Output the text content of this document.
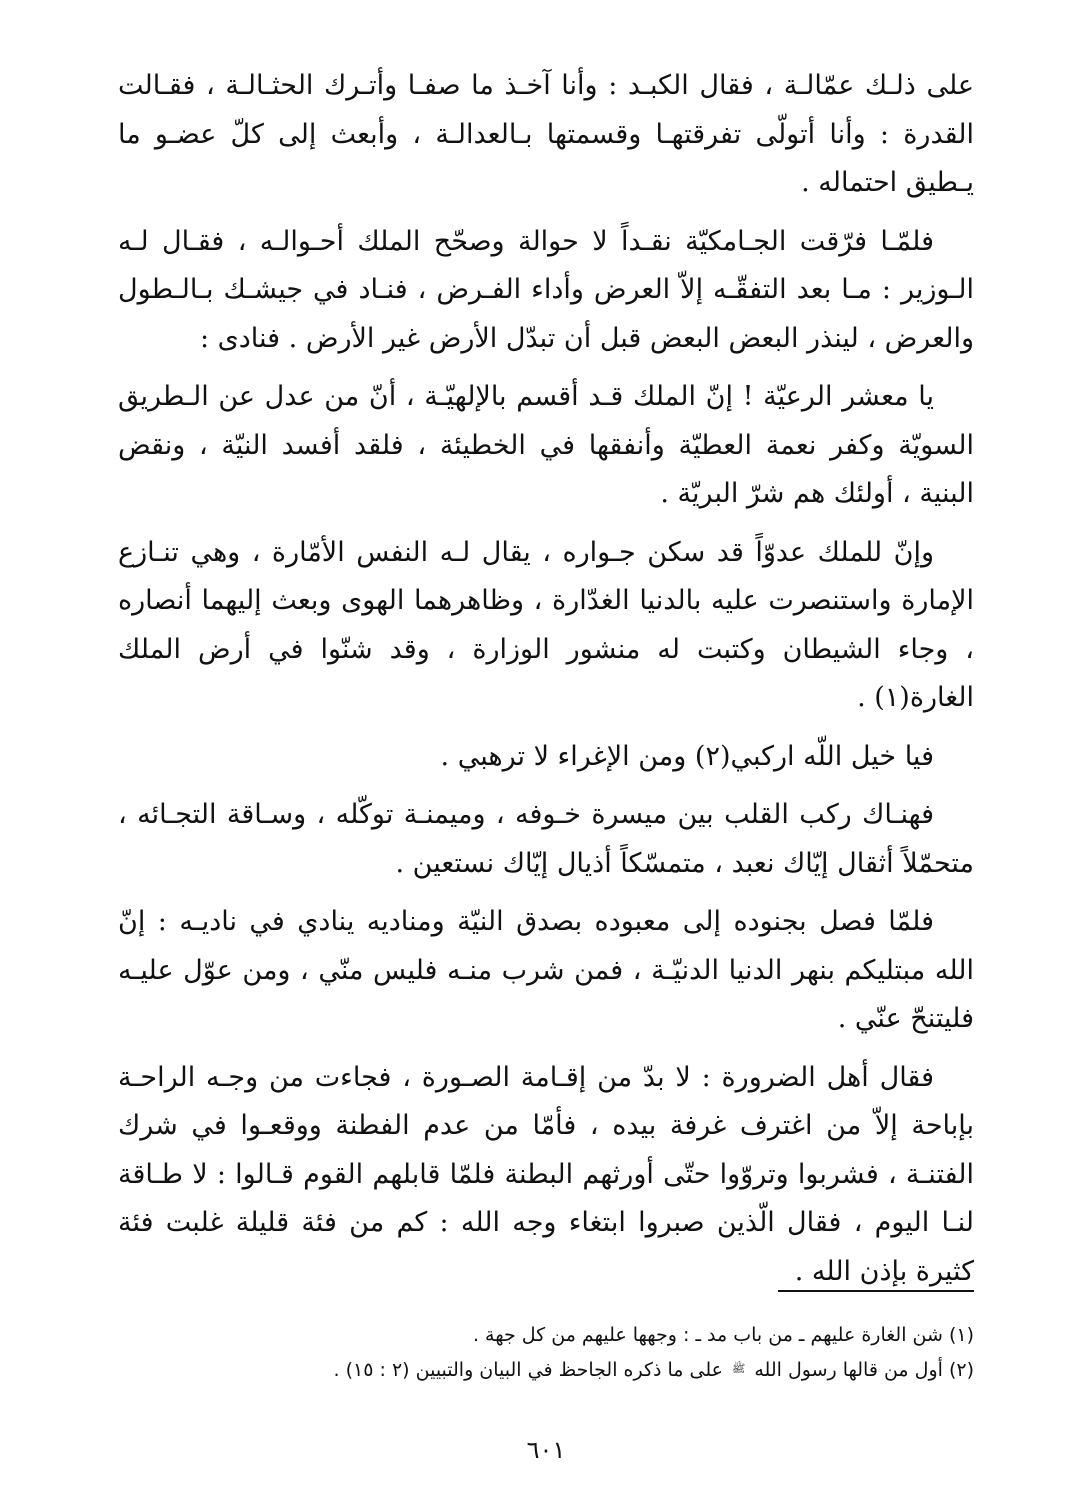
على ذلـك عمّالـة ، فقال الكبـد : وأنا آخـذ ما صفـا وأتـرك الحثـالـة ، فقـالت القدرة : وأنا أتولّى تفرقتهـا وقسمتها بـالعدالـة ، وأبعث إلى كلّ عضـو ما يـطيق احتماله .

فلمّـا فرّقت الجـامكيّة نقـداً لا حوالة وصحّح الملك أحـوالـه ، فقـال لـه الـوزير : مـا بعد التفقّـه إلاّ العرض وأداء الفـرض ، فنـاد في جيشـك بـالـطول والعرض ، لينذر البعض البعض قبل أن تبدّل الأرض غير الأرض . فنادى :

يا معشر الرعيّة ! إنّ الملك قـد أقسم بالإلهيّـة ، أنّ من عدل عن الـطريق السويّة وكفر نعمة العطيّة وأنفقها في الخطيئة ، فلقد أفسد النيّة ، ونقض البنية ، أولئك هم شرّ البريّة .

وإنّ للملك عدوّاً قد سكن جـواره ، يقال لـه النفس الأمّارة ، وهي تنـازع الإمارة واستنصرت عليه بالدنيا الغدّارة ، وظاهرهما الهوى وبعث إليهما أنصاره ، وجاء الشيطان وكتبت له منشور الوزارة ، وقد شنّوا في أرض الملك الغارة(١) .

فيا خيل اللّه اركبي(٢) ومن الإغراء لا ترهبي .

فهنـاك ركب القلب بين ميسرة خـوفه ، وميمنـة توكّله ، وسـاقة التجـائه ، متحمّلاً أثقال إيّاك نعبد ، متمسّكاً أذيال إيّاك نستعين .

فلمّا فصل بجنوده إلى معبوده بصدق النيّة ومناديه ينادي في ناديـه : إنّ الله مبتليكم بنهر الدنيا الدنيّـة ، فمن شرب منـه فليس منّي ، ومن عوّل عليـه فليتنحّ عنّي .

فقال أهل الضرورة : لا بدّ من إقـامة الصـورة ، فجاءت من وجـه الراحـة بإباحة إلاّ من اغترف غرفة بيده ، فأمّا من عدم الفطنة ووقعـوا في شرك الفتنـة ، فشربوا وتروّوا حتّى أورثهم البطنة فلمّا قابلهم القوم قـالوا : لا طـاقة لنـا اليوم ، فقال الّذين صبروا ابتغاء وجه الله : كم من فئة قليلة غلبت فئة كثيرة بإذن الله .

(١) شن الغارة عليهم ـ من باب مد ـ : وجهها عليهم من كل جهة .

(٢) أول من قالها رسول الله $^ﷺ$ على ما ذكره الجاحظ في البيان والتبيين (٢ : ١٥) .

٦٠١
